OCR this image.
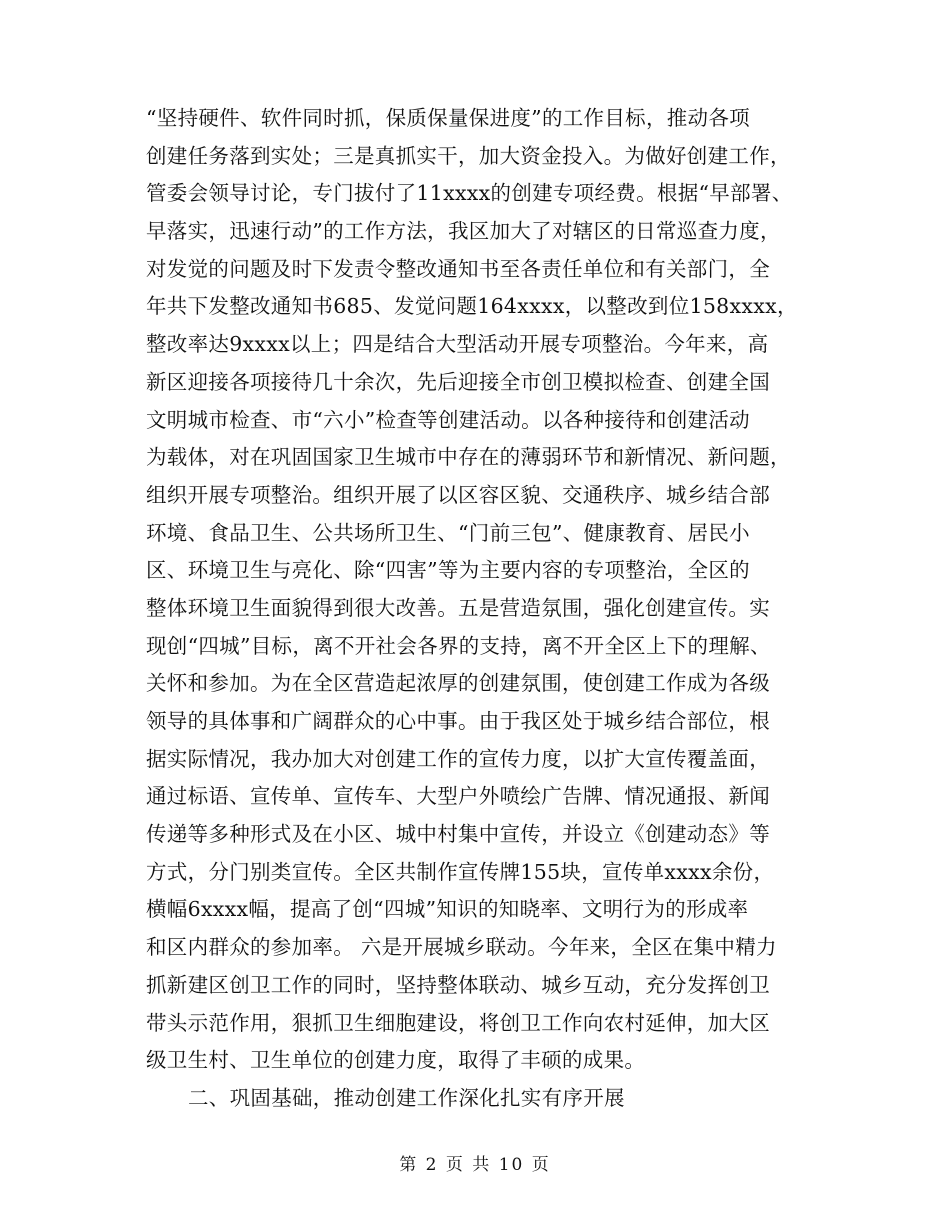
“坚持硬件、软件同时抓，保质保量保进度”的工作目标，推动各项
创建任务落到实处；三是真抓实干，加大资金投入。为做好创建工作，
管委会领导讨论，专门拔付了11xxxx的创建专项经费。根据“早部署、
早落实，迅速行动”的工作方法，我区加大了对辖区的日常巡查力度，
对发觉的问题及时下发责令整改通知书至各责任单位和有关部门，全
年共下发整改通知书685、发觉问题164xxxx，以整改到位158xxxx，
整改率达9xxxx以上；四是结合大型活动开展专项整治。今年来，高
新区迎接各项接待几十余次，先后迎接全市创卫模拟检查、创建全国
文明城市检查、市“六小”检查等创建活动。以各种接待和创建活动
为载体，对在巩固国家卫生城市中存在的薄弱环节和新情况、新问题，
组织开展专项整治。组织开展了以区容区貌、交通秩序、城乡结合部
环境、食品卫生、公共场所卫生、“门前三包”、健康教育、居民小
区、环境卫生与亮化、除“四害”等为主要内容的专项整治，全区的
整体环境卫生面貌得到很大改善。五是营造氛围，强化创建宣传。实
现创“四城”目标，离不开社会各界的支持，离不开全区上下的理解、
关怀和参加。为在全区营造起浓厚的创建氛围，使创建工作成为各级
领导的具体事和广阔群众的心中事。由于我区处于城乡结合部位，根
据实际情况，我办加大对创建工作的宣传力度，以扩大宣传覆盖面，
通过标语、宣传单、宣传车、大型户外喷绘广告牌、情况通报、新闻
传递等多种形式及在小区、城中村集中宣传，并设立《创建动态》等
方式，分门别类宣传。全区共制作宣传牌155块，宣传单xxxx余份，
横幅6xxxx幅，提高了创“四城”知识的知晓率、文明行为的形成率
和区内群众的参加率。 六是开展城乡联动。今年来，全区在集中精力
抓新建区创卫工作的同时，坚持整体联动、城乡互动，充分发挥创卫
带头示范作用，狠抓卫生细胞建设，将创卫工作向农村延伸，加大区
级卫生村、卫生单位的创建力度，取得了丰硕的成果。
二、巩固基础，推动创建工作深化扎实有序开展
第 2 页 共 10 页
